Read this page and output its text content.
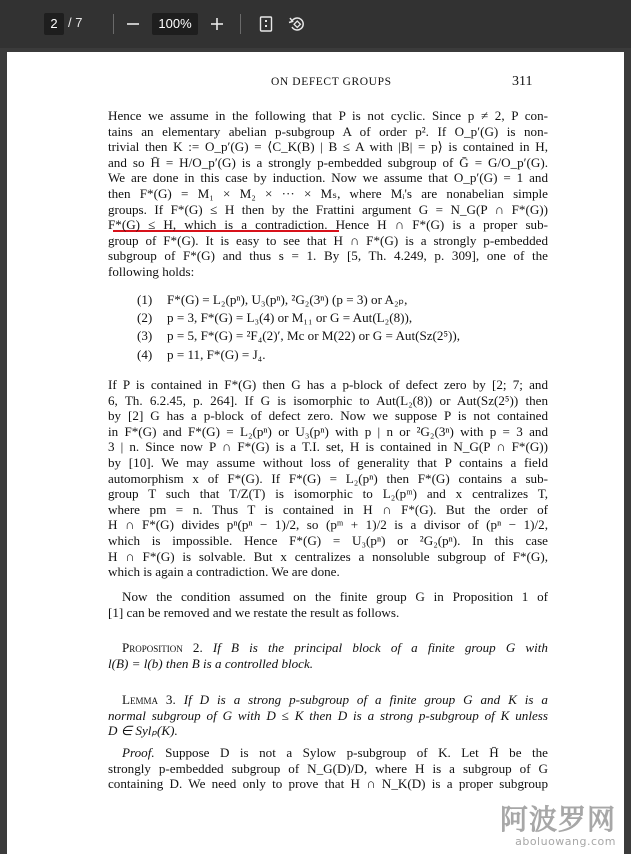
2 / 7	100%
ON DEFECT GROUPS	311
Hence we assume in the following that P is not cyclic. Since p ≠ 2, P con-
tains an elementary abelian p-subgroup A of order p². If O_p′(G) is non-
trivial then K := O_p′(G) = ⟨C_K(B) | B ≤ A with |B| = p⟩ is contained in H,
and so H̄ = H/O_p′(G) is a strongly p-embedded subgroup of Ḡ = G/O_p′(G).
We are done in this case by induction. Now we assume that O_p′(G) = 1 and
then F*(G) = M₁ × M₂ × ··· × Mₛ, where Mᵢ's are nonabelian simple
groups. If F*(G) ≤ H then by the Frattini argument G = N_G(P ∩ F*(G))
F*(G) ≤ H, which is a contradiction. Hence H ∩ F*(G) is a proper sub-
group of F*(G). It is easy to see that H ∩ F*(G) is a strongly p-embedded
subgroup of F*(G) and thus s = 1. By [5, Th. 4.249, p. 309], one of the
following holds:
(1) F*(G) = L₂(pⁿ), U₃(pⁿ), ²G₂(3ⁿ) (p = 3) or A₂ₚ,
(2) p = 3, F*(G) = L₃(4) or M₁₁ or G = Aut(L₂(8)),
(3) p = 5, F*(G) = ²F₄(2)′, Mc or M(22) or G = Aut(Sz(2⁵)),
(4) p = 11, F*(G) = J₄.
If P is contained in F*(G) then G has a p-block of defect zero by [2; 7; and
6, Th. 6.2.45, p. 264]. If G is isomorphic to Aut(L₂(8)) or Aut(Sz(2⁵)) then
by [2] G has a p-block of defect zero. Now we suppose P is not contained
in F*(G) and F*(G) = L₂(pⁿ) or U₃(pⁿ) with p | n or ²G₂(3ⁿ) with p = 3 and
3 | n. Since now P ∩ F*(G) is a T.I. set, H is contained in N_G(P ∩ F*(G))
by [10]. We may assume without loss of generality that P contains a field
automorphism x of F*(G). If F*(G) = L₂(pⁿ) then F*(G) contains a sub-
group T such that T/Z(T) is isomorphic to L₂(pᵐ) and x centralizes T,
where pm = n. Thus T is contained in H ∩ F*(G). But the order of
H ∩ F*(G) divides pⁿ(pⁿ − 1)/2, so (pᵐ + 1)/2 is a divisor of (pⁿ − 1)/2,
which is impossible. Hence F*(G) = U₃(pⁿ) or ²G₂(pⁿ). In this case
H ∩ F*(G) is solvable. But x centralizes a nonsoluble subgroup of F*(G),
which is again a contradiction. We are done.
Now the condition assumed on the finite group G in Proposition 1 of
[1] can be removed and we restate the result as follows.
Proposition 2. If B is the principal block of a finite group G with
l(B) = l(b) then B is a controlled block.
Lemma 3. If D is a strong p-subgroup of a finite group G and K is a
normal subgroup of G with D ≤ K then D is a strong p-subgroup of K unless
D ∈ Sylₚ(K).
Proof. Suppose D is not a Sylow p-subgroup of K. Let H̄ be the
strongly p-embedded subgroup of N_G(D)/D, where H is a subgroup of G
containing D. We need only to prove that H ∩ N_K(D) is a proper subgroup
阿波罗网
aboluowang.com
